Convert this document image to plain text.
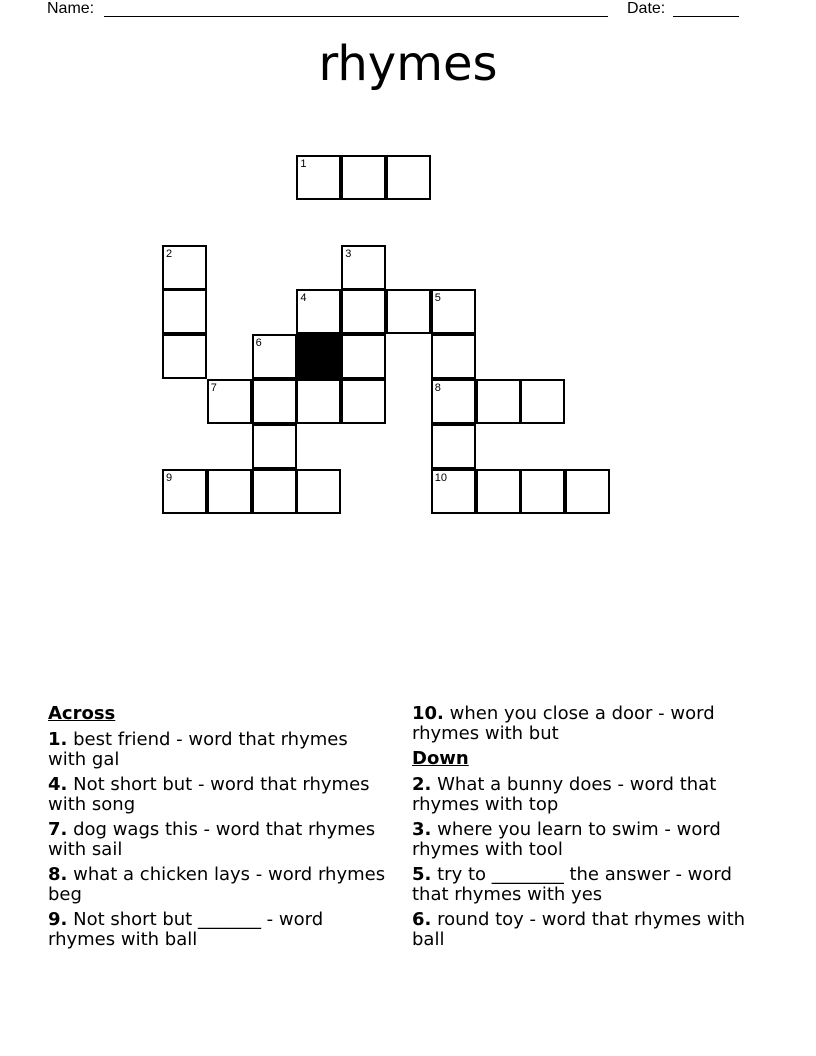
Name:	Date:
rhymes
1
2	3
4	5
6
7	8
9	10
Across
1. best friend - word that rhymes with gal
4. Not short but - word that rhymes with song
7. dog wags this - word that rhymes with sail
8. what a chicken lays - word rhymes beg
9. Not short but _______ - word rhymes with ball
10. when you close a door - word rhymes with but
Down
2. What a bunny does - word that rhymes with top
3. where you learn to swim - word rhymes with tool
5. try to ________ the answer - word that rhymes with yes
6. round toy - word that rhymes with ball
